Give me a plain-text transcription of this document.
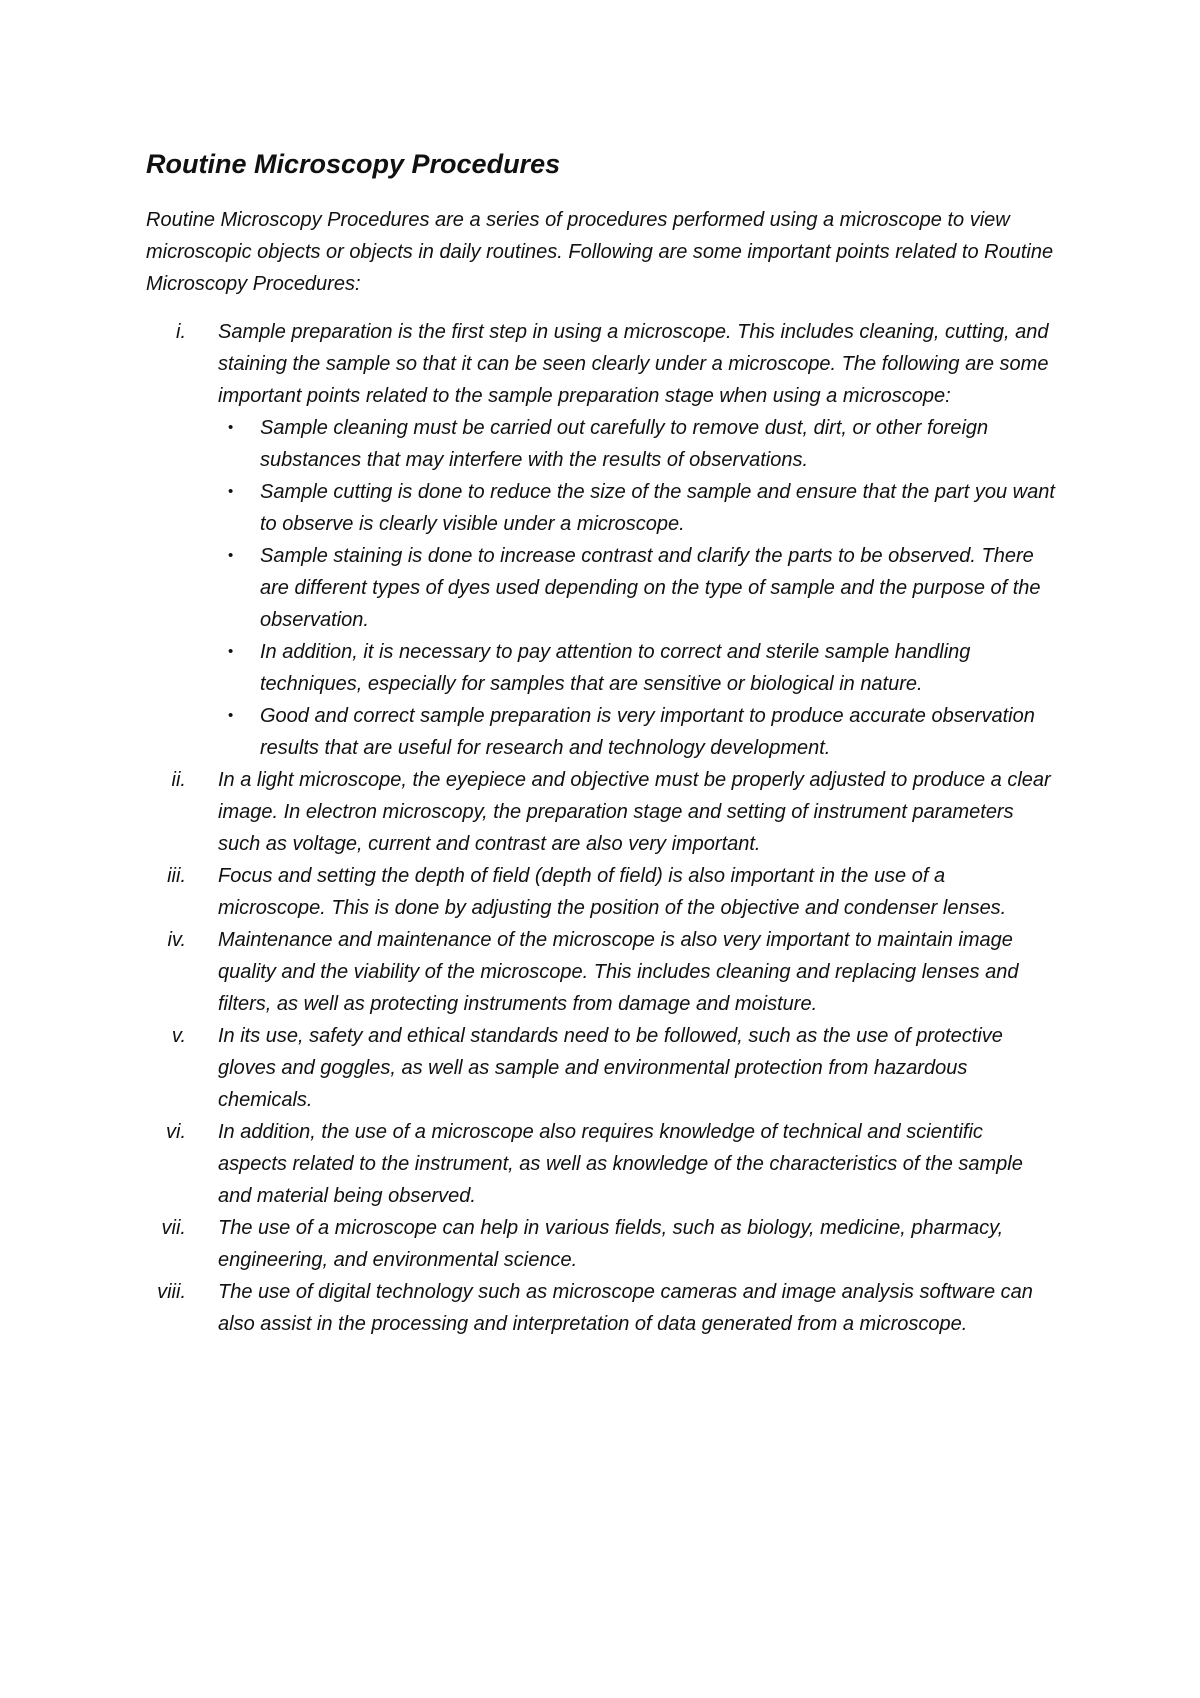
Routine Microscopy Procedures

Routine Microscopy Procedures are a series of procedures performed using a microscope to view microscopic objects or objects in daily routines. Following are some important points related to Routine Microscopy Procedures:

i. Sample preparation is the first step in using a microscope. This includes cleaning, cutting, and staining the sample so that it can be seen clearly under a microscope. The following are some important points related to the sample preparation stage when using a microscope:
• Sample cleaning must be carried out carefully to remove dust, dirt, or other foreign substances that may interfere with the results of observations.
• Sample cutting is done to reduce the size of the sample and ensure that the part you want to observe is clearly visible under a microscope.
• Sample staining is done to increase contrast and clarify the parts to be observed. There are different types of dyes used depending on the type of sample and the purpose of the observation.
• In addition, it is necessary to pay attention to correct and sterile sample handling techniques, especially for samples that are sensitive or biological in nature.
• Good and correct sample preparation is very important to produce accurate observation results that are useful for research and technology development.
ii. In a light microscope, the eyepiece and objective must be properly adjusted to produce a clear image. In electron microscopy, the preparation stage and setting of instrument parameters such as voltage, current and contrast are also very important.
iii. Focus and setting the depth of field (depth of field) is also important in the use of a microscope. This is done by adjusting the position of the objective and condenser lenses.
iv. Maintenance and maintenance of the microscope is also very important to maintain image quality and the viability of the microscope. This includes cleaning and replacing lenses and filters, as well as protecting instruments from damage and moisture.
v. In its use, safety and ethical standards need to be followed, such as the use of protective gloves and goggles, as well as sample and environmental protection from hazardous chemicals.
vi. In addition, the use of a microscope also requires knowledge of technical and scientific aspects related to the instrument, as well as knowledge of the characteristics of the sample and material being observed.
vii. The use of a microscope can help in various fields, such as biology, medicine, pharmacy, engineering, and environmental science.
viii. The use of digital technology such as microscope cameras and image analysis software can also assist in the processing and interpretation of data generated from a microscope.
